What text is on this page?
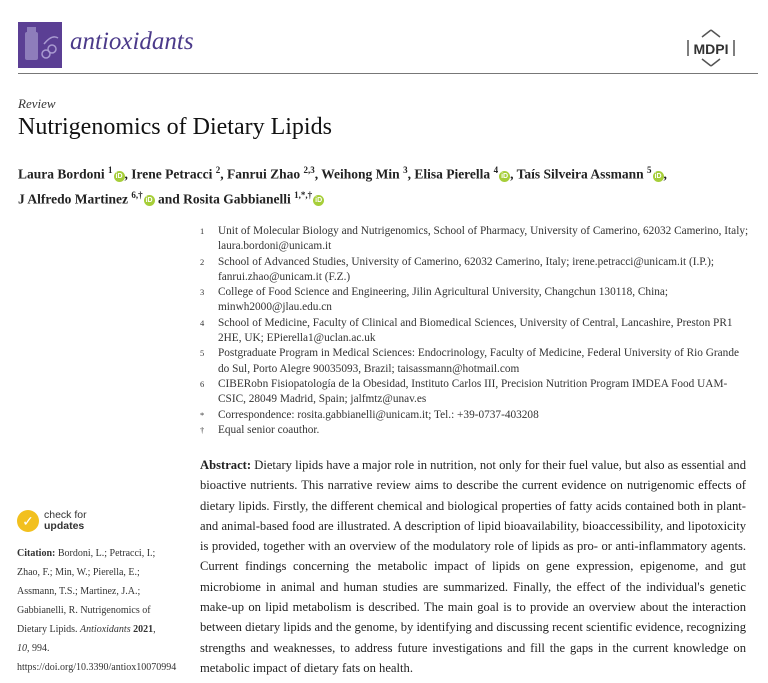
antioxidants	MDPI
Review
Nutrigenomics of Dietary Lipids
Laura Bordoni $^1$iD , Irene Petracci $^2$, Fanrui Zhao $^{2,3}$, Weihong Min $^3$, Elisa Pierella $^4$iD , Taís Silveira Assmann $^5$iD ,
J Alfredo Martinez $^{6,\dagger}$iD and Rosita Gabbianelli $^{1,*,\dagger}$iD
1	Unit of Molecular Biology and Nutrigenomics, School of Pharmacy, University of Camerino, 62032 Camerino, Italy; laura.bordoni@unicam.it
2	School of Advanced Studies, University of Camerino, 62032 Camerino, Italy; irene.petracci@unicam.it (I.P.); fanrui.zhao@unicam.it (F.Z.)
3	College of Food Science and Engineering, Jilin Agricultural University, Changchun 130118, China; minwh2000@jlau.edu.cn
4	School of Medicine, Faculty of Clinical and Biomedical Sciences, University of Central, Lancashire, Preston PR1 2HE, UK; EPierella1@uclan.ac.uk
5	Postgraduate Program in Medical Sciences: Endocrinology, Faculty of Medicine, Federal University of Rio Grande do Sul, Porto Alegre 90035093, Brazil; taisassmann@hotmail.com
6	CIBERobn Fisiopatología de la Obesidad, Instituto Carlos III, Precision Nutrition Program IMDEA Food UAM-CSIC, 28049 Madrid, Spain; jalfmtz@unav.es
*	Correspondence: rosita.gabbianelli@unicam.it; Tel.: +39-0737-403208
†	Equal senior coauthor.
Abstract: Dietary lipids have a major role in nutrition, not only for their fuel value, but also as essential and bioactive nutrients. This narrative review aims to describe the current evidence on nutrigenomic effects of dietary lipids. Firstly, the different chemical and biological properties of fatty acids contained both in plant- and animal-based food are illustrated. A description of lipid bioavailability, bioaccessibility, and lipotoxicity is provided, together with an overview of the modulatory role of lipids as pro- or anti-inflammatory agents. Current findings concerning the metabolic impact of lipids on gene expression, epigenome, and gut microbiome in animal and human studies are summarized. Finally, the effect of the individual's genetic make-up on lipid metabolism is described. The main goal is to provide an overview about the interaction between dietary lipids and the genome, by identifying and discussing recent scientific evidence, recognizing strengths and weaknesses, to address future investigations and fill the gaps in the current knowledge on metabolic impact of dietary fats on health.
✓ check for
updates
Citation: Bordoni, L.; Petracci, I.; Zhao, F.; Min, W.; Pierella, E.; Assmann, T.S.; Martinez, J.A.; Gabbianelli, R. Nutrigenomics of Dietary Lipids. Antioxidants 2021, 10, 994. https://doi.org/10.3390/antiox10070994
